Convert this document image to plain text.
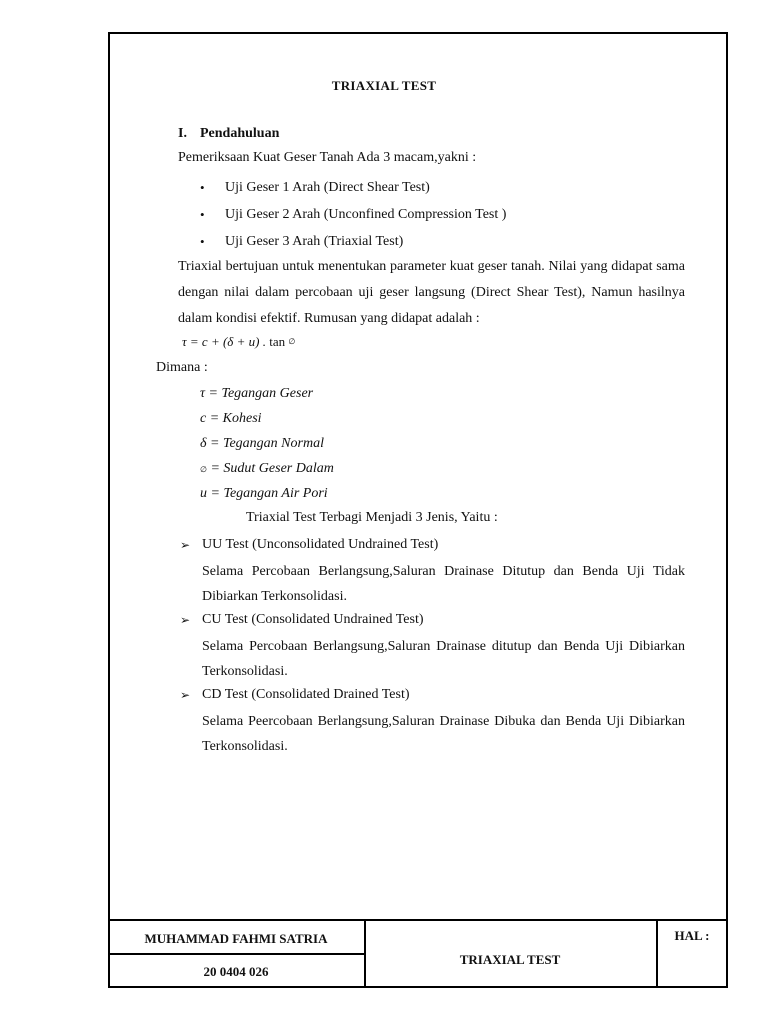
TRIAXIAL TEST
I. Pendahuluan
Pemeriksaan Kuat Geser Tanah Ada 3 macam,yakni :
• Uji Geser 1 Arah (Direct Shear Test)
• Uji Geser 2 Arah (Unconfined Compression Test )
• Uji Geser 3 Arah (Triaxial Test)
Triaxial bertujuan untuk menentukan parameter kuat geser tanah. Nilai yang didapat sama dengan nilai dalam percobaan uji geser langsung (Direct Shear Test), Namun hasilnya dalam kondisi efektif. Rumusan yang didapat adalah :
τ = c + (δ + u) . tan ∅
Dimana :
τ = Tegangan Geser
c = Kohesi
δ = Tegangan Normal
∅ = Sudut Geser Dalam
u = Tegangan Air Pori
Triaxial Test Terbagi Menjadi 3 Jenis, Yaitu :
➢ UU Test (Unconsolidated Undrained Test)
Selama Percobaan Berlangsung,Saluran Drainase Ditutup dan Benda Uji Tidak Dibiarkan Terkonsolidasi.
➢ CU Test (Consolidated Undrained Test)
Selama Percobaan Berlangsung,Saluran Drainase ditutup dan Benda Uji Dibiarkan Terkonsolidasi.
➢ CD Test (Consolidated Drained Test)
Selama Peercobaan Berlangsung,Saluran Drainase Dibuka dan Benda Uji Dibiarkan Terkonsolidasi.
MUHAMMAD FAHMI SATRIA
20 0404 026
TRIAXIAL TEST
HAL :
